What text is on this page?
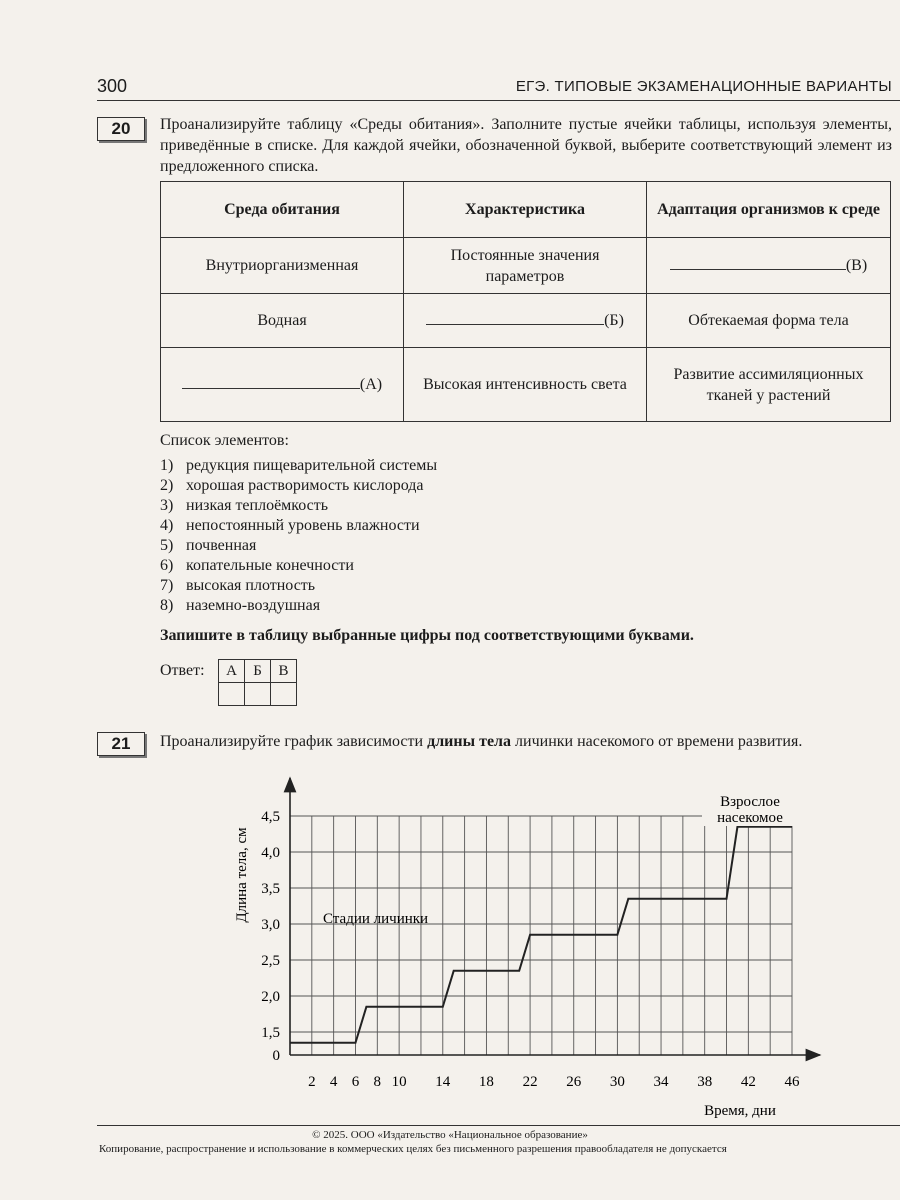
300	ЕГЭ. ТИПОВЫЕ ЭКЗАМЕНАЦИОННЫЕ ВАРИАНТЫ
20	Проанализируйте таблицу «Среды обитания». Заполните пустые ячейки таблицы, используя элементы, приведённые в списке. Для каждой ячейки, обозначенной буквой, выберите соответствующий элемент из предложенного списка.
Среда обитания	Характеристика	Адаптация организмов к среде
Внутриорганизменная	Постоянные значения параметров	(В)
Водная	(Б)	Обтекаемая форма тела
(А)	Высокая интенсивность света	Развитие ассимиляционных тканей у растений
Список элементов:
1) редукция пищеварительной системы
2) хорошая растворимость кислорода
3) низкая теплоёмкость
4) непостоянный уровень влажности
5) почвенная
6) копательные конечности
7) высокая плотность
8) наземно-воздушная
Запишите в таблицу выбранные цифры под соответствующими буквами.
Ответ: А	Б	В

21	Проанализируйте график зависимости длины тела личинки насекомого от времени развития.
0
1,5
2,0
2,5
3,0
3,5
4,0
4,5
2 4 6 8 10 14 18 22 26 30 34 38 42 46
Время, дни
Длина тела, см	Стадии личинки
Взрослое
насекомое
© 2025. ООО «Издательство «Национальное образование»
Копирование, распространение и использование в коммерческих целях без письменного разрешения правообладателя не допускается
